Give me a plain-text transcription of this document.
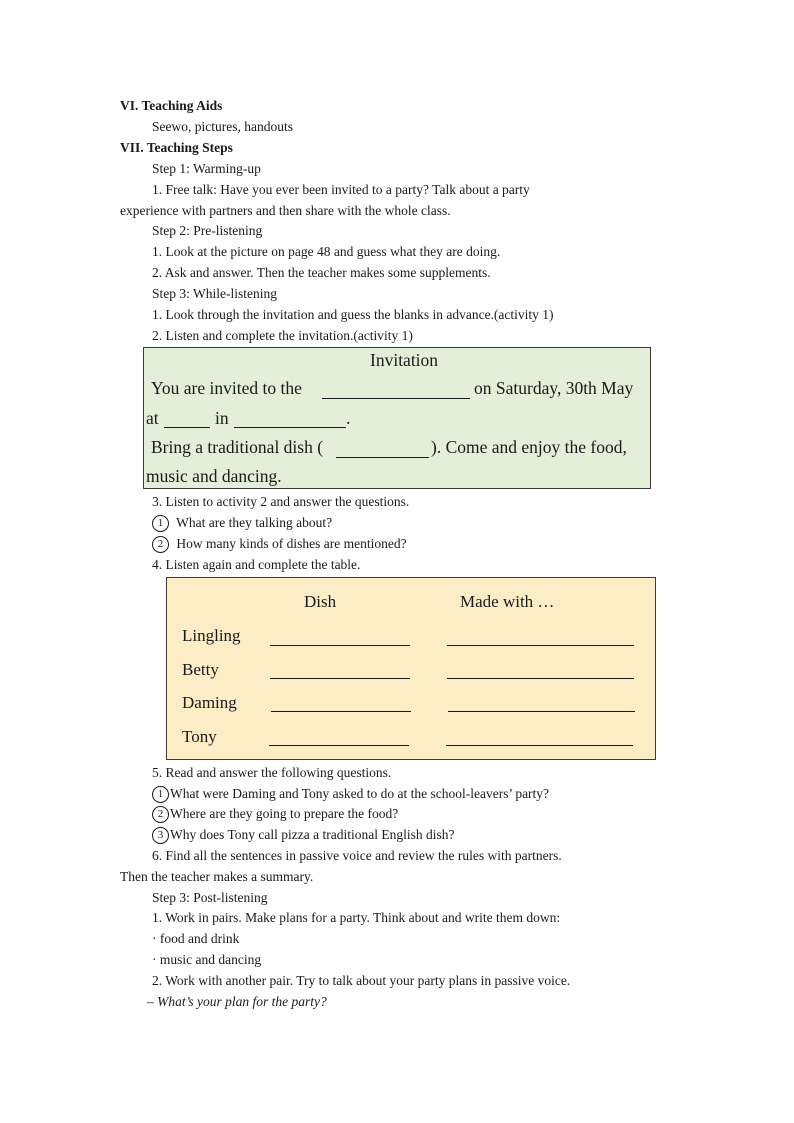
VI. Teaching Aids
Seewo, pictures, handouts
VII. Teaching Steps
Step 1: Warming-up
1. Free talk: Have you ever been invited to a party? Talk about a party
experience with partners and then share with the whole class.
Step 2: Pre-listening
1. Look at the picture on page 48 and guess what they are doing.
2. Ask and answer. Then the teacher makes some supplements.
Step 3: While-listening
1. Look through the invitation and guess the blanks in advance.(activity 1)
2. Listen and complete the invitation.(activity 1)
Invitation
You are invited to the	on Saturday, 30th May
at	in	.
Bring a traditional dish (	). Come and enjoy the food,
music and dancing.
3. Listen to activity 2 and answer the questions.
1 What are they talking about?
2 How many kinds of dishes are mentioned?
4. Listen again and complete the table.
Dish	Made with …
Lingling
Betty
Daming
Tony
5. Read and answer the following questions.
1 What were Daming and Tony asked to do at the school-leavers’ party?
2 Where are they going to prepare the food?
3 Why does Tony call pizza a traditional English dish?
6. Find all the sentences in passive voice and review the rules with partners.
Then the teacher makes a summary.
Step 3: Post-listening
1. Work in pairs. Make plans for a party. Think about and write them down:
· food and drink
· music and dancing
2. Work with another pair. Try to talk about your party plans in passive voice.
– What’s your plan for the party?
